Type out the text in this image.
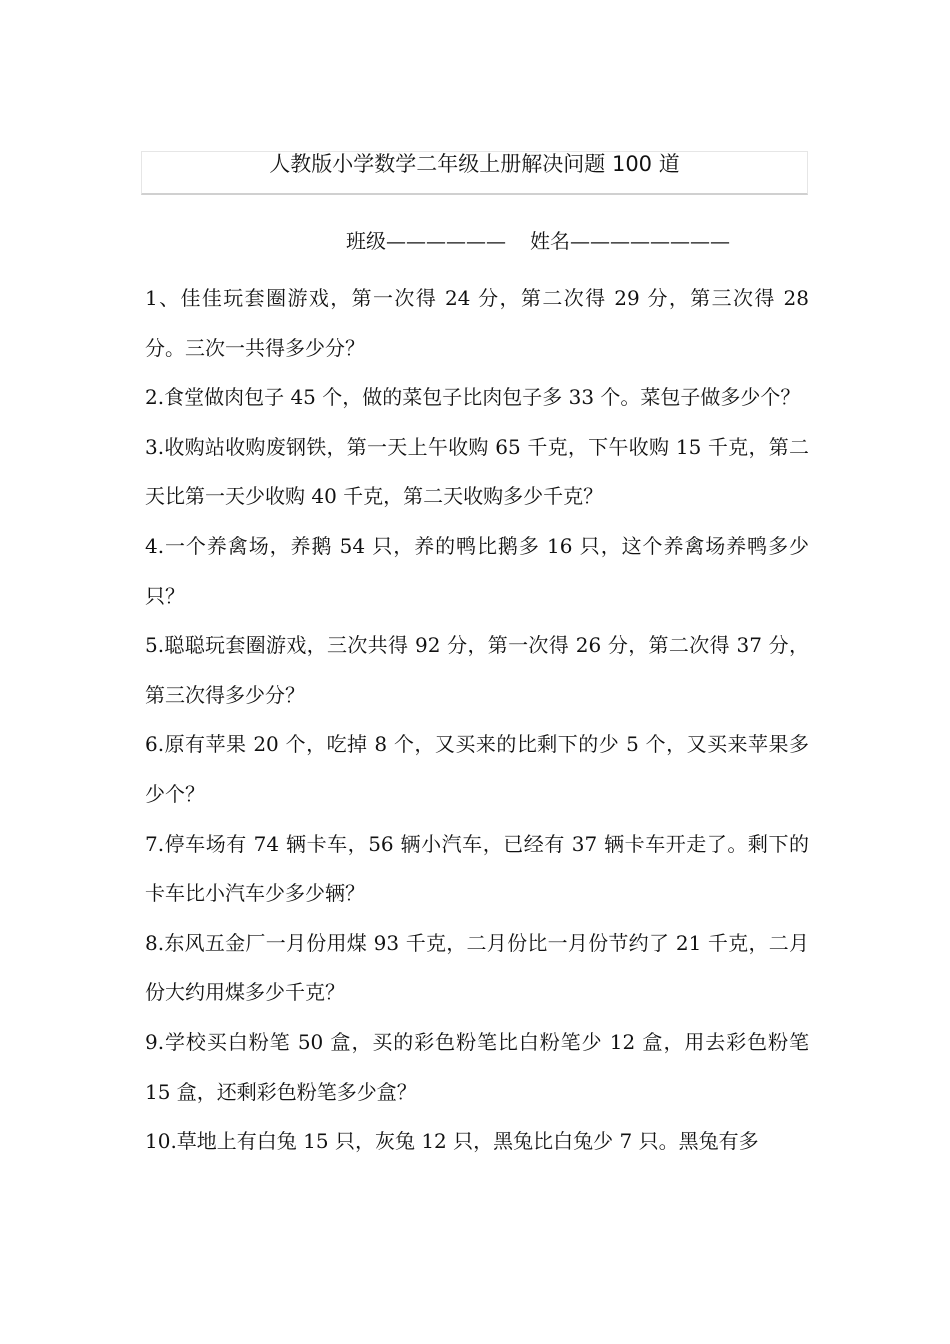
人教版小学数学二年级上册解决问题 100 道
班级—————— 姓名————————

1、佳佳玩套圈游戏，第一次得 24 分，第二次得 29 分，第三次得 28 分。三次一共得多少分？

2.食堂做肉包子 45 个，做的菜包子比肉包子多 33 个。菜包子做多少个？

3.收购站收购废钢铁，第一天上午收购 65 千克，下午收购 15 千克，第二天比第一天少收购 40 千克，第二天收购多少千克？

4.一个养禽场，养鹅 54 只，养的鸭比鹅多 16 只，这个养禽场养鸭多少只？

5.聪聪玩套圈游戏，三次共得 92 分，第一次得 26 分，第二次得 37 分，第三次得多少分？

6.原有苹果 20 个，吃掉 8 个，又买来的比剩下的少 5 个，又买来苹果多少个？

7.停车场有 74 辆卡车，56 辆小汽车，已经有 37 辆卡车开走了。剩下的卡车比小汽车少多少辆？

8.东风五金厂一月份用煤 93 千克，二月份比一月份节约了 21 千克，二月份大约用煤多少千克？

9.学校买白粉笔 50 盒，买的彩色粉笔比白粉笔少 12 盒，用去彩色粉笔 15 盒，还剩彩色粉笔多少盒？

10.草地上有白兔 15 只，灰兔 12 只，黑兔比白兔少 7 只。黑兔有多
